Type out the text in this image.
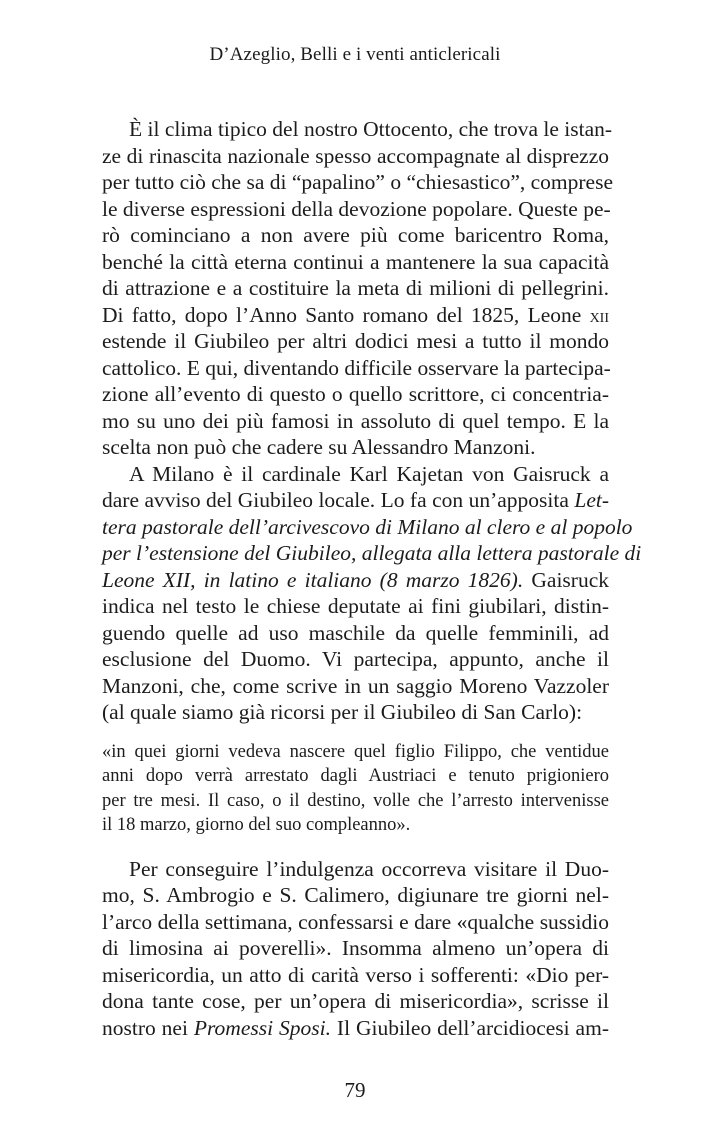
D’Azeglio, Belli e i venti anticlericali
È il clima tipico del nostro Ottocento, che trova le istan-
ze di rinascita nazionale spesso accompagnate al disprezzo
per tutto ciò che sa di “papalino” o “chiesastico”, comprese
le diverse espressioni della devozione popolare. Queste pe-
rò cominciano a non avere più come baricentro Roma,
benché la città eterna continui a mantenere la sua capacità
di attrazione e a costituire la meta di milioni di pellegrini.
Di fatto, dopo l’Anno Santo romano del 1825, Leone xii
estende il Giubileo per altri dodici mesi a tutto il mondo
cattolico. E qui, diventando difficile osservare la partecipa-
zione all’evento di questo o quello scrittore, ci concentria-
mo su uno dei più famosi in assoluto di quel tempo. E la
scelta non può che cadere su Alessandro Manzoni.
A Milano è il cardinale Karl Kajetan von Gaisruck a
dare avviso del Giubileo locale. Lo fa con un’apposita Let-
tera pastorale dell’arcivescovo di Milano al clero e al popolo
per l’estensione del Giubileo, allegata alla lettera pastorale di
Leone XII, in latino e italiano (8 marzo 1826). Gaisruck
indica nel testo le chiese deputate ai fini giubilari, distin-
guendo quelle ad uso maschile da quelle femminili, ad
esclusione del Duomo. Vi partecipa, appunto, anche il
Manzoni, che, come scrive in un saggio Moreno Vazzoler
(al quale siamo già ricorsi per il Giubileo di San Carlo):
«in quei giorni vedeva nascere quel figlio Filippo, che ventidue
anni dopo verrà arrestato dagli Austriaci e tenuto prigioniero
per tre mesi. Il caso, o il destino, volle che l’arresto intervenisse
il 18 marzo, giorno del suo compleanno».
Per conseguire l’indulgenza occorreva visitare il Duo-
mo, S. Ambrogio e S. Calimero, digiunare tre giorni nel-
l’arco della settimana, confessarsi e dare «qualche sussidio
di limosina ai poverelli». Insomma almeno un’opera di
misericordia, un atto di carità verso i sofferenti: «Dio per-
dona tante cose, per un’opera di misericordia», scrisse il
nostro nei Promessi Sposi. Il Giubileo dell’arcidiocesi am-
79
